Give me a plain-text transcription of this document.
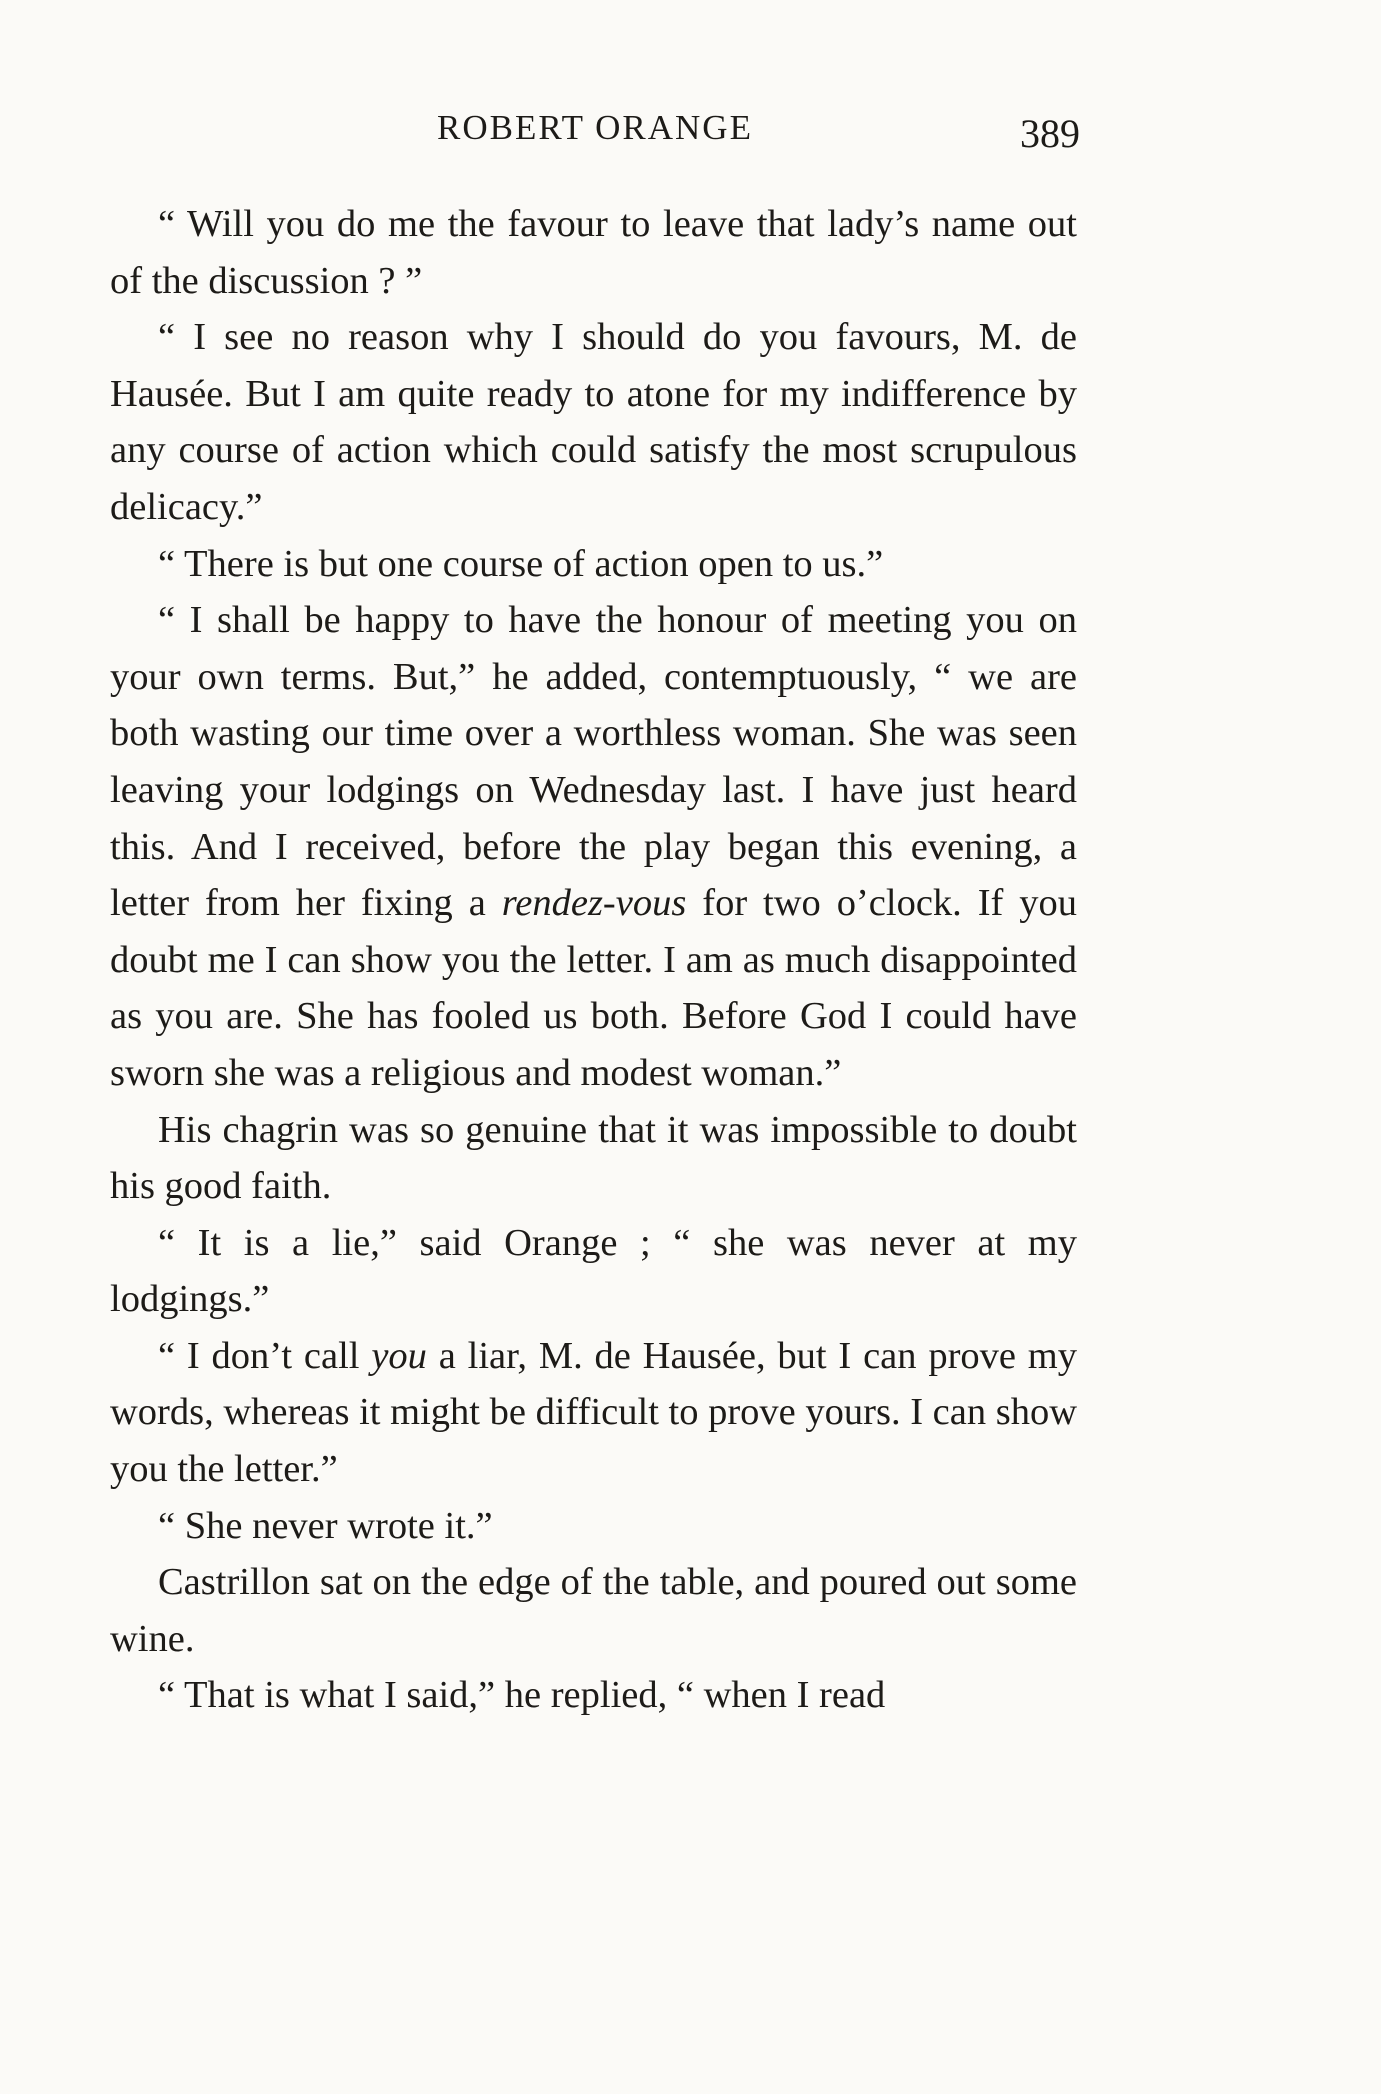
ROBERT ORANGE	389

“ Will you do me the favour to leave that lady’s name out of the discussion ? ”

“ I see no reason why I should do you favours, M. de Hausée. But I am quite ready to atone for my indifference by any course of action which could satisfy the most scrupulous delicacy.”

“ There is but one course of action open to us.”

“ I shall be happy to have the honour of meeting you on your own terms. But,” he added, contemptuously, “ we are both wasting our time over a worthless woman. She was seen leaving your lodgings on Wednesday last. I have just heard this. And I received, before the play began this evening, a letter from her fixing a rendez-vous for two o’clock. If you doubt me I can show you the letter. I am as much disappointed as you are. She has fooled us both. Before God I could have sworn she was a religious and modest woman.”

His chagrin was so genuine that it was impossible to doubt his good faith.

“ It is a lie,” said Orange ; “ she was never at my lodgings.”

“ I don’t call you a liar, M. de Hausée, but I can prove my words, whereas it might be difficult to prove yours. I can show you the letter.”

“ She never wrote it.”

Castrillon sat on the edge of the table, and poured out some wine.

“ That is what I said,” he replied, “ when I read
